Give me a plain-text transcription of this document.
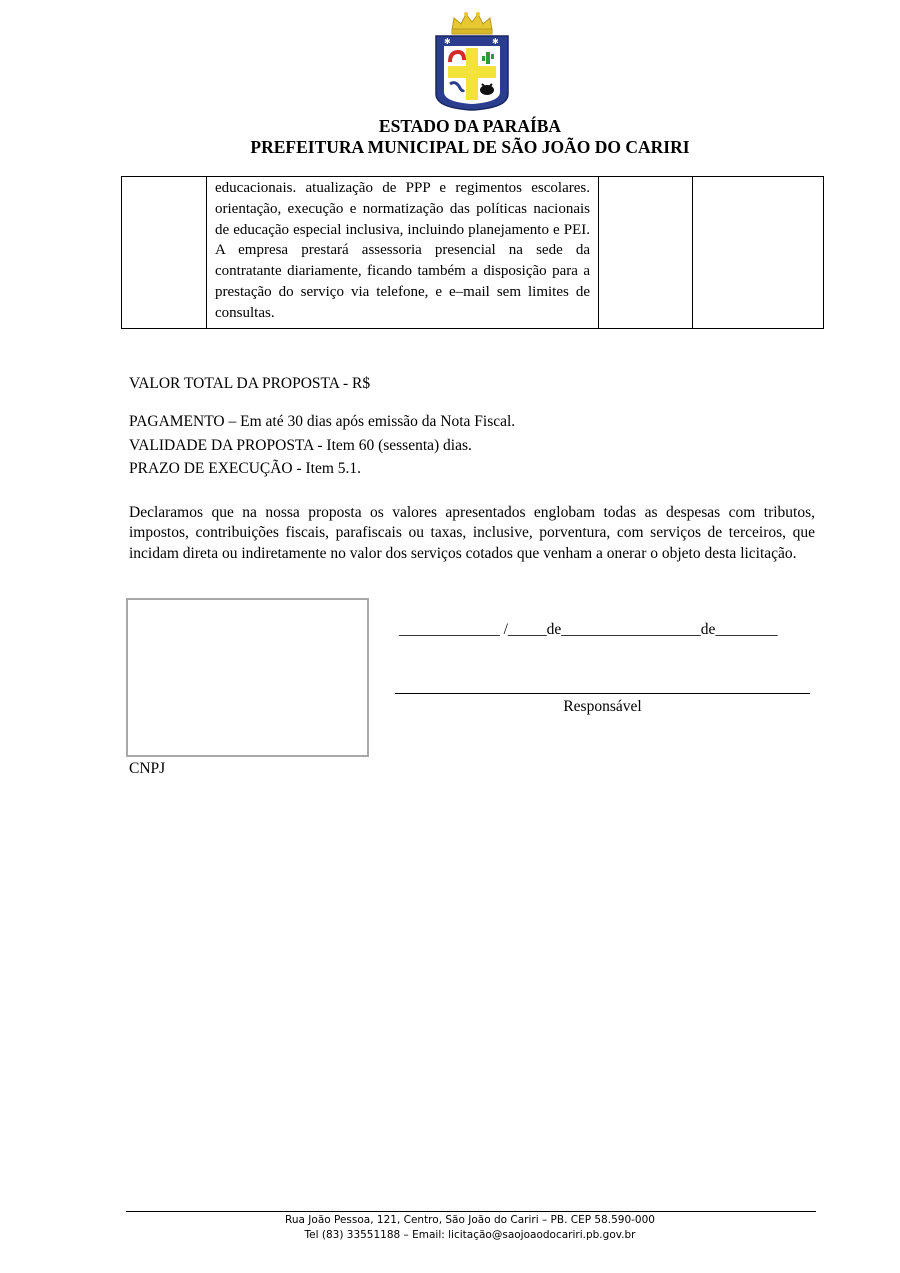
✱	✱
ESTADO DA PARAÍBA
PREFEITURA MUNICIPAL DE SÃO JOÃO DO CARIRI

educacionais. atualização de PPP e regimentos escolares. orientação, execução e normatização das políticas nacionais de educação especial inclusiva, incluindo planejamento e PEI. A empresa prestará assessoria presencial na sede da contratante diariamente, ficando também a disposição para a prestação do serviço via telefone, e e–mail sem limites de consultas.

VALOR TOTAL DA PROPOSTA - R$
PAGAMENTO – Em até 30 dias após emissão da Nota Fiscal.
VALIDADE DA PROPOSTA - Item 60 (sessenta) dias.
PRAZO DE EXECUÇÃO - Item 5.1.
Declaramos que na nossa proposta os valores apresentados englobam todas as despesas com tributos, impostos, contribuições fiscais, parafiscais ou taxas, inclusive, porventura, com serviços de terceiros, que incidam direta ou indiretamente no valor dos serviços cotados que venham a onerar o objeto desta licitação.
CNPJ
_____________ /_____de__________________de________
Responsável
Rua João Pessoa, 121, Centro, São João do Cariri – PB. CEP 58.590-000
Tel (83) 33551188 – Email: licitação@saojoaodocariri.pb.gov.br
